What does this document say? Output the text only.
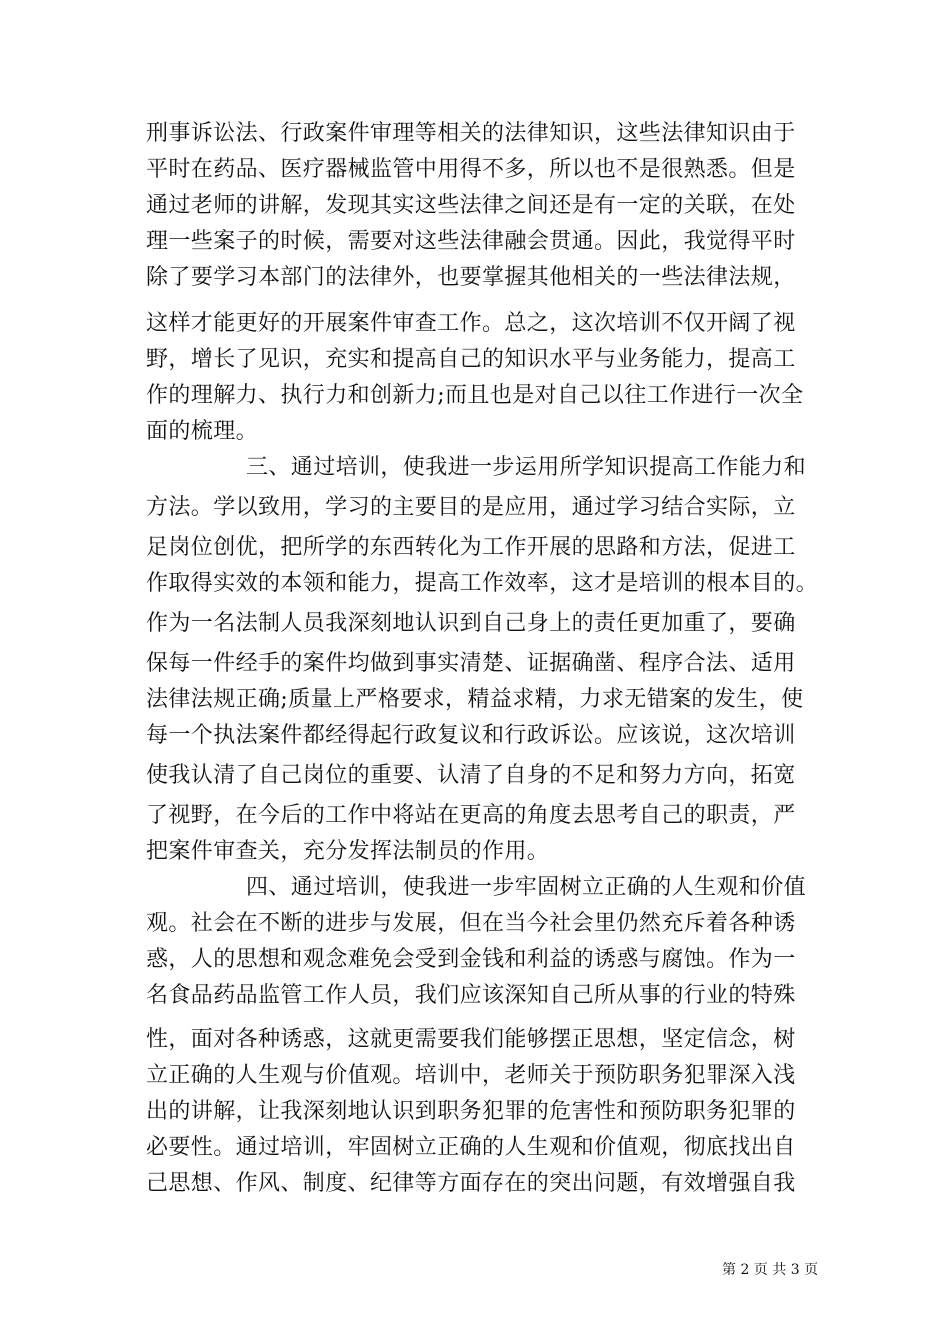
刑事诉讼法、行政案件审理等相关的法律知识，这些法律知识由于
平时在药品、医疗器械监管中用得不多，所以也不是很熟悉。但是
通过老师的讲解，发现其实这些法律之间还是有一定的关联，在处
理一些案子的时候，需要对这些法律融会贯通。因此，我觉得平时
除了要学习本部门的法律外，也要掌握其他相关的一些法律法规，
这样才能更好的开展案件审查工作。总之，这次培训不仅开阔了视
野，增长了见识，充实和提高自己的知识水平与业务能力，提高工
作的理解力、执行力和创新力;而且也是对自己以往工作进行一次全
面的梳理。
三、通过培训，使我进一步运用所学知识提高工作能力和
方法。学以致用，学习的主要目的是应用，通过学习结合实际，立
足岗位创优，把所学的东西转化为工作开展的思路和方法，促进工
作取得实效的本领和能力，提高工作效率，这才是培训的根本目的。
作为一名法制人员我深刻地认识到自己身上的责任更加重了，要确
保每一件经手的案件均做到事实清楚、证据确凿、程序合法、适用
法律法规正确;质量上严格要求，精益求精，力求无错案的发生，使
每一个执法案件都经得起行政复议和行政诉讼。应该说，这次培训
使我认清了自己岗位的重要、认清了自身的不足和努力方向，拓宽
了视野，在今后的工作中将站在更高的角度去思考自己的职责，严
把案件审查关，充分发挥法制员的作用。
四、通过培训，使我进一步牢固树立正确的人生观和价值
观。社会在不断的进步与发展，但在当今社会里仍然充斥着各种诱
惑，人的思想和观念难免会受到金钱和利益的诱惑与腐蚀。作为一
名食品药品监管工作人员，我们应该深知自己所从事的行业的特殊
性，面对各种诱惑，这就更需要我们能够摆正思想，坚定信念，树
立正确的人生观与价值观。培训中，老师关于预防职务犯罪深入浅
出的讲解，让我深刻地认识到职务犯罪的危害性和预防职务犯罪的
必要性。通过培训，牢固树立正确的人生观和价值观，彻底找出自
己思想、作风、制度、纪律等方面存在的突出问题，有效增强自我
第 2 页 共 3 页
